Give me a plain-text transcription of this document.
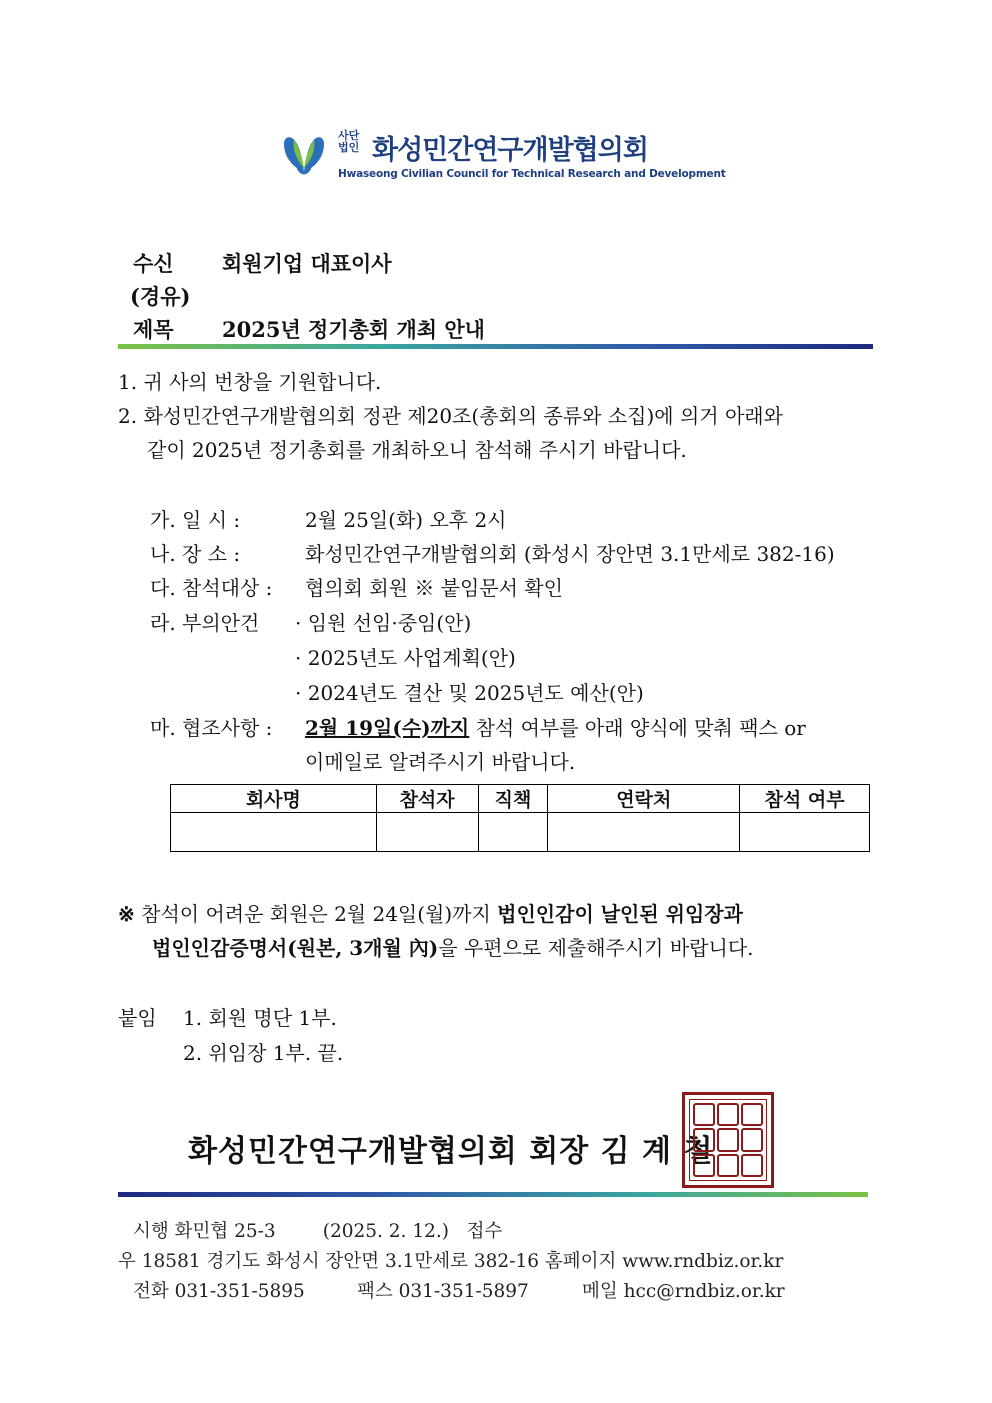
사단
법인 화성민간연구개발협의회
Hwaseong Civilian Council for Technical Research and Development
수신 회원기업 대표이사
(경유)
제목 2025년 정기총회 개최 안내
1. 귀 사의 번창을 기원합니다.
2. 화성민간연구개발협의회 정관 제20조(총회의 종류와 소집)에 의거 아래와
같이 2025년 정기총회를 개최하오니 참석해 주시기 바랍니다.
가. 일 시 :	2월 25일(화) 오후 2시
나. 장 소 :	화성민간연구개발협의회 (화성시 장안면 3.1만세로 382-16)
다. 참석대상 : 협의회 회원 ※ 붙임문서 확인
라. 부의안건 · 임원 선임·중임(안)
· 2025년도 사업계획(안)
· 2024년도 결산 및 2025년도 예산(안)
마. 협조사항 : 2월 19일(수)까지 참석 여부를 아래 양식에 맞춰 팩스 or
이메일로 알려주시기 바랍니다.
회사명	참석자	직책	연락처	참석 여부

※ 참석이 어려운 회원은 2월 24일(월)까지 법인인감이 날인된 위임장과
법인인감증명서(원본, 3개월 內)을 우편으로 제출해주시기 바랍니다.
붙임 1. 회원 명단 1부.
2. 위임장 1부. 끝.
화성민간연구개발협의회 회장 김 계 철
시행 화민협 25-3        (2025. 2. 12.)   접수
우 18581 경기도 화성시 장안면 3.1만세로 382-16 홈페이지 www.rndbiz.or.kr
전화 031-351-5895	팩스 031-351-5897	메일 hcc@rndbiz.or.kr
